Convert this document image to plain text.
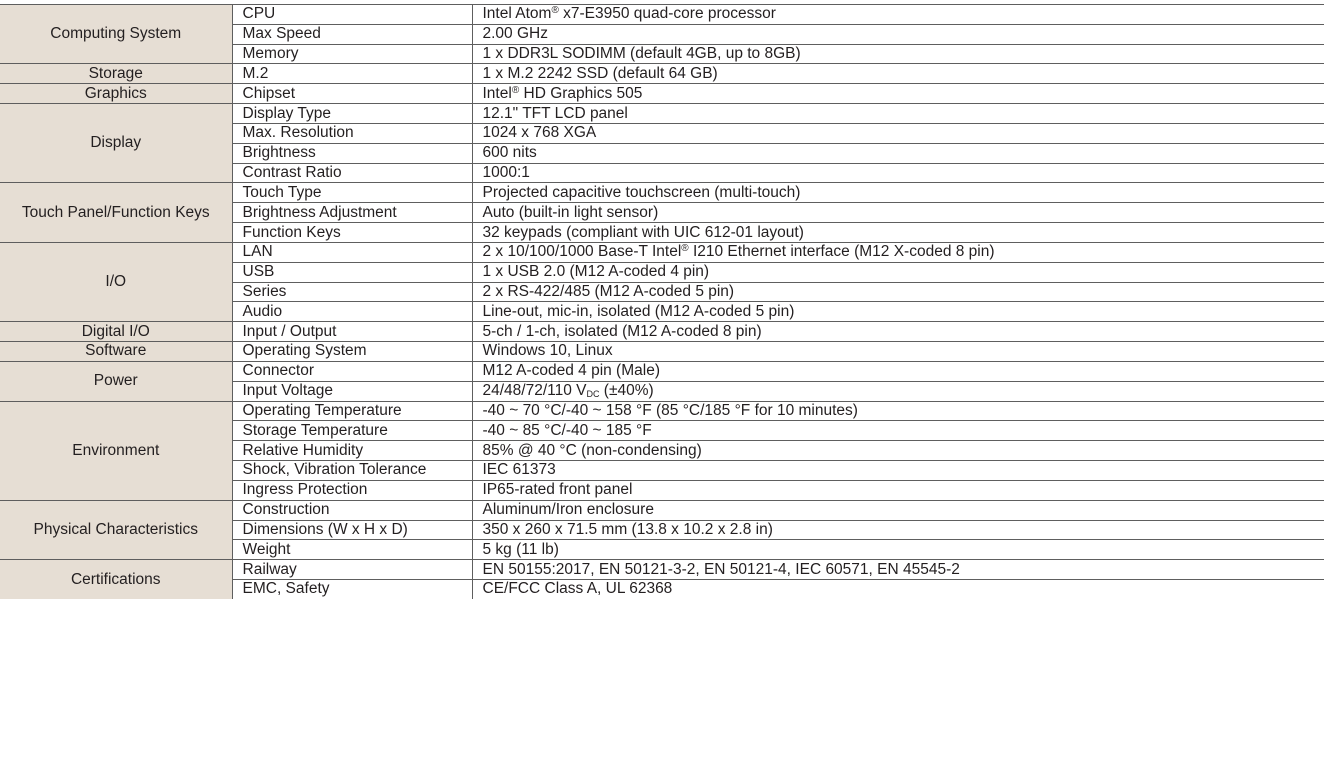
Computing System	CPU	Intel Atom® x7-E3950 quad-core processor
	Max Speed	2.00 GHz
	Memory	1 x DDR3L SODIMM (default 4GB, up to 8GB)
Storage	M.2	1 x M.2 2242 SSD (default 64 GB)
Graphics	Chipset	Intel® HD Graphics 505
Display	Display Type	12.1" TFT LCD panel
	Max. Resolution	1024 x 768 XGA
	Brightness	600 nits
	Contrast Ratio	1000:1
Touch Panel/Function Keys	Touch Type	Projected capacitive touchscreen (multi-touch)
	Brightness Adjustment	Auto (built-in light sensor)
	Function Keys	32 keypads (compliant with UIC 612-01 layout)
I/O	LAN	2 x 10/100/1000 Base-T Intel® I210 Ethernet interface (M12 X-coded 8 pin)
	USB	1 x USB 2.0 (M12 A-coded 4 pin)
	Series	2 x RS-422/485 (M12 A-coded 5 pin)
	Audio	Line-out, mic-in, isolated (M12 A-coded 5 pin)
Digital I/O	Input / Output	5-ch / 1-ch, isolated (M12 A-coded 8 pin)
Software	Operating System	Windows 10, Linux
Power	Connector	M12 A-coded 4 pin (Male)
	Input Voltage	24/48/72/110 $V_{DC}$ (±40%)
Environment	Operating Temperature	-40 ~ 70 °C/-40 ~ 158 °F (85 °C/185 °F for 10 minutes)
	Storage Temperature	-40 ~ 85 °C/-40 ~ 185 °F
	Relative Humidity	85% @ 40 °C (non-condensing)
	Shock, Vibration Tolerance	IEC 61373
	Ingress Protection	IP65-rated front panel
Physical Characteristics	Construction	Aluminum/Iron enclosure
	Dimensions (W x H x D)	350 x 260 x 71.5 mm (13.8 x 10.2 x 2.8 in)
	Weight	5 kg (11 lb)
Certifications	Railway	EN 50155:2017, EN 50121-3-2, EN 50121-4, IEC 60571, EN 45545-2
	EMC, Safety	CE/FCC Class A, UL 62368
